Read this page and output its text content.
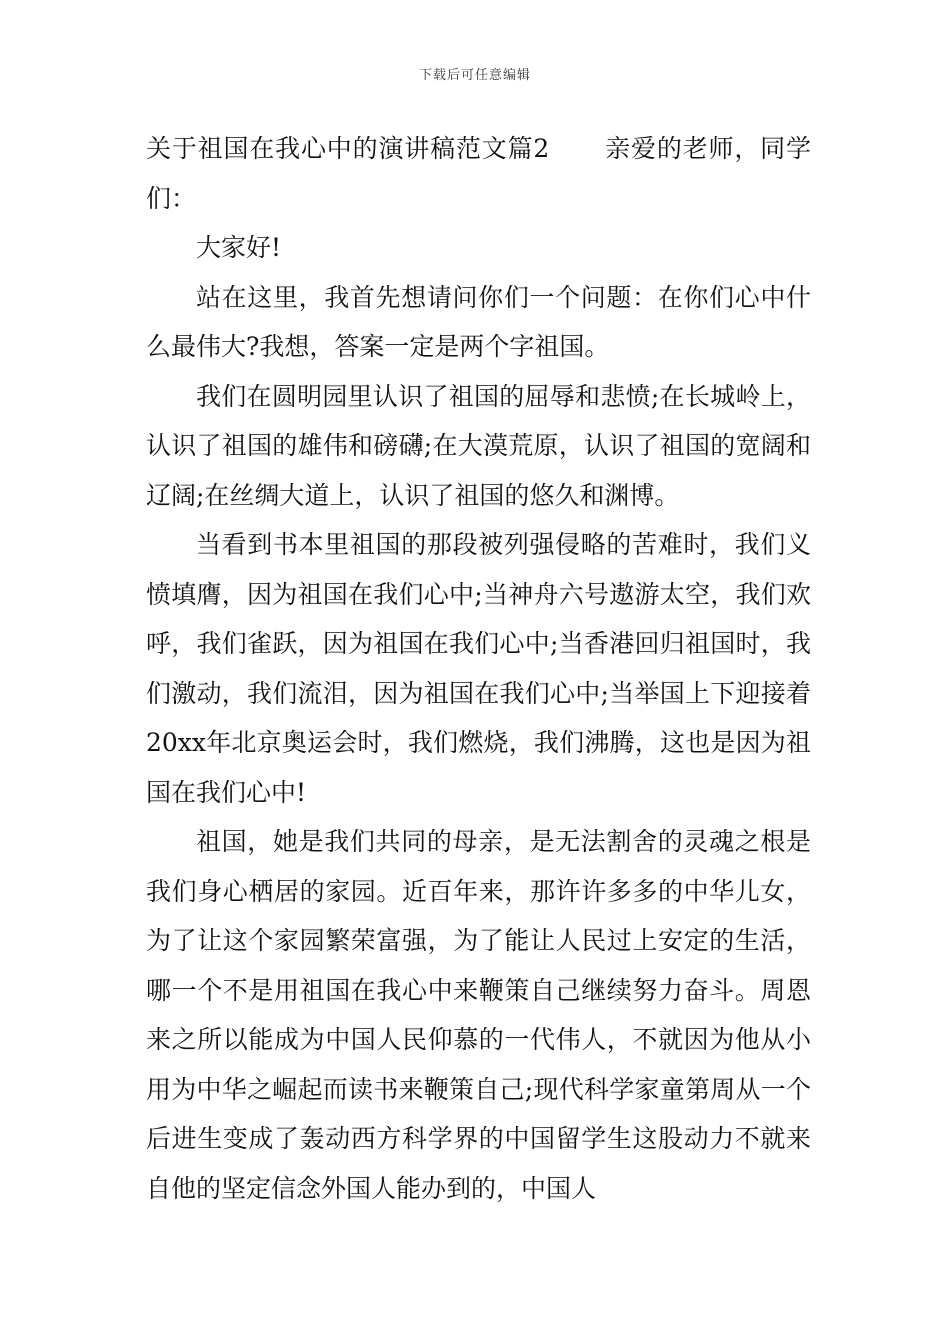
下载后可任意编辑

关于祖国在我心中的演讲稿范文篇2 亲爱的老师，同学们：

大家好!

站在这里，我首先想请问你们一个问题：在你们心中什么最伟大?我想，答案一定是两个字祖国。

我们在圆明园里认识了祖国的屈辱和悲愤;在长城岭上，认识了祖国的雄伟和磅礴;在大漠荒原，认识了祖国的宽阔和辽阔;在丝绸大道上，认识了祖国的悠久和渊博。

当看到书本里祖国的那段被列强侵略的苦难时，我们义愤填膺，因为祖国在我们心中;当神舟六号遨游太空，我们欢呼，我们雀跃，因为祖国在我们心中;当香港回归祖国时，我们激动，我们流泪，因为祖国在我们心中;当举国上下迎接着20xx年北京奥运会时，我们燃烧，我们沸腾，这也是因为祖国在我们心中!

祖国，她是我们共同的母亲，是无法割舍的灵魂之根是我们身心栖居的家园。近百年来，那许许多多的中华儿女，为了让这个家园繁荣富强，为了能让人民过上安定的生活，哪一个不是用祖国在我心中来鞭策自己继续努力奋斗。周恩来之所以能成为中国人民仰慕的一代伟人，不就因为他从小用为中华之崛起而读书来鞭策自己;现代科学家童第周从一个后进生变成了轰动西方科学界的中国留学生这股动力不就来自他的坚定信念外国人能办到的，中国人
